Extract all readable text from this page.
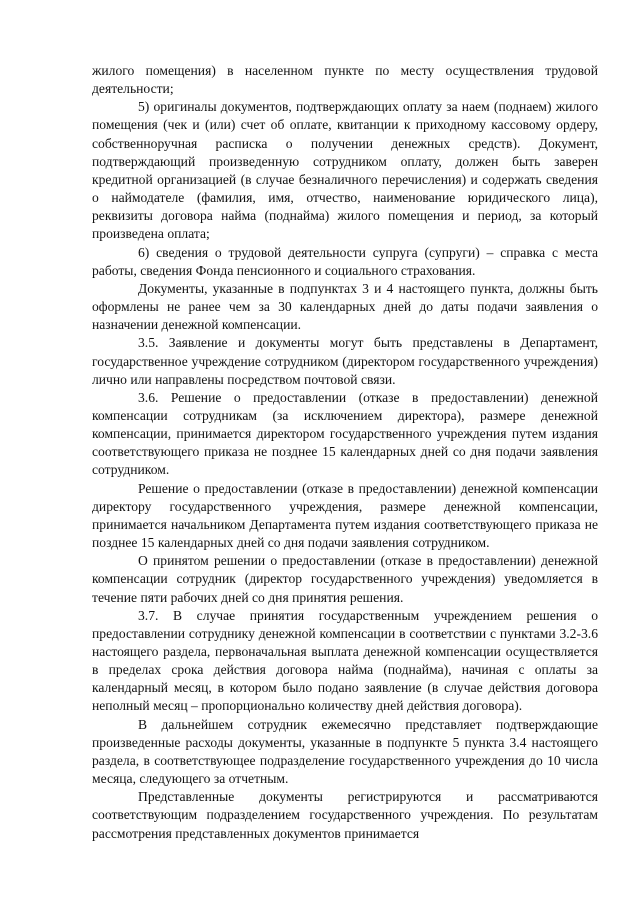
жилого помещения) в населенном пункте по месту осуществления трудовой деятельности;

5) оригиналы документов, подтверждающих оплату за наем (поднаем) жилого помещения (чек и (или) счет об оплате, квитанции к приходному кассовому ордеру, собственноручная расписка о получении денежных средств). Документ, подтверждающий произведенную сотрудником оплату, должен быть заверен кредитной организацией (в случае безналичного перечисления) и содержать сведения о наймодателе (фамилия, имя, отчество, наименование юридического лица), реквизиты договора найма (поднайма) жилого помещения и период, за который произведена оплата;

6) сведения о трудовой деятельности супруга (супруги) – справка с места работы, сведения Фонда пенсионного и социального страхования.

Документы, указанные в подпунктах 3 и 4 настоящего пункта, должны быть оформлены не ранее чем за 30 календарных дней до даты подачи заявления о назначении денежной компенсации.

3.5. Заявление и документы могут быть представлены в Департамент, государственное учреждение сотрудником (директором государственного учреждения) лично или направлены посредством почтовой связи.

3.6. Решение о предоставлении (отказе в предоставлении) денежной компенсации сотрудникам (за исключением директора), размере денежной компенсации, принимается директором государственного учреждения путем издания соответствующего приказа не позднее 15 календарных дней со дня подачи заявления сотрудником.

Решение о предоставлении (отказе в предоставлении) денежной компенсации директору государственного учреждения, размере денежной компенсации, принимается начальником Департамента путем издания соответствующего приказа не позднее 15 календарных дней со дня подачи заявления сотрудником.

О принятом решении о предоставлении (отказе в предоставлении) денежной компенсации сотрудник (директор государственного учреждения) уведомляется в течение пяти рабочих дней со дня принятия решения.

3.7. В случае принятия государственным учреждением решения о предоставлении сотруднику денежной компенсации в соответствии с пунктами 3.2-3.6 настоящего раздела, первоначальная выплата денежной компенсации осуществляется в пределах срока действия договора найма (поднайма), начиная с оплаты за календарный месяц, в котором было подано заявление (в случае действия договора неполный месяц – пропорционально количеству дней действия договора).

В дальнейшем сотрудник ежемесячно представляет подтверждающие произведенные расходы документы, указанные в подпункте 5 пункта 3.4 настоящего раздела, в соответствующее подразделение государственного учреждения до 10 числа месяца, следующего за отчетным.

Представленные документы регистрируются и рассматриваются соответствующим подразделением государственного учреждения. По результатам рассмотрения представленных документов принимается
